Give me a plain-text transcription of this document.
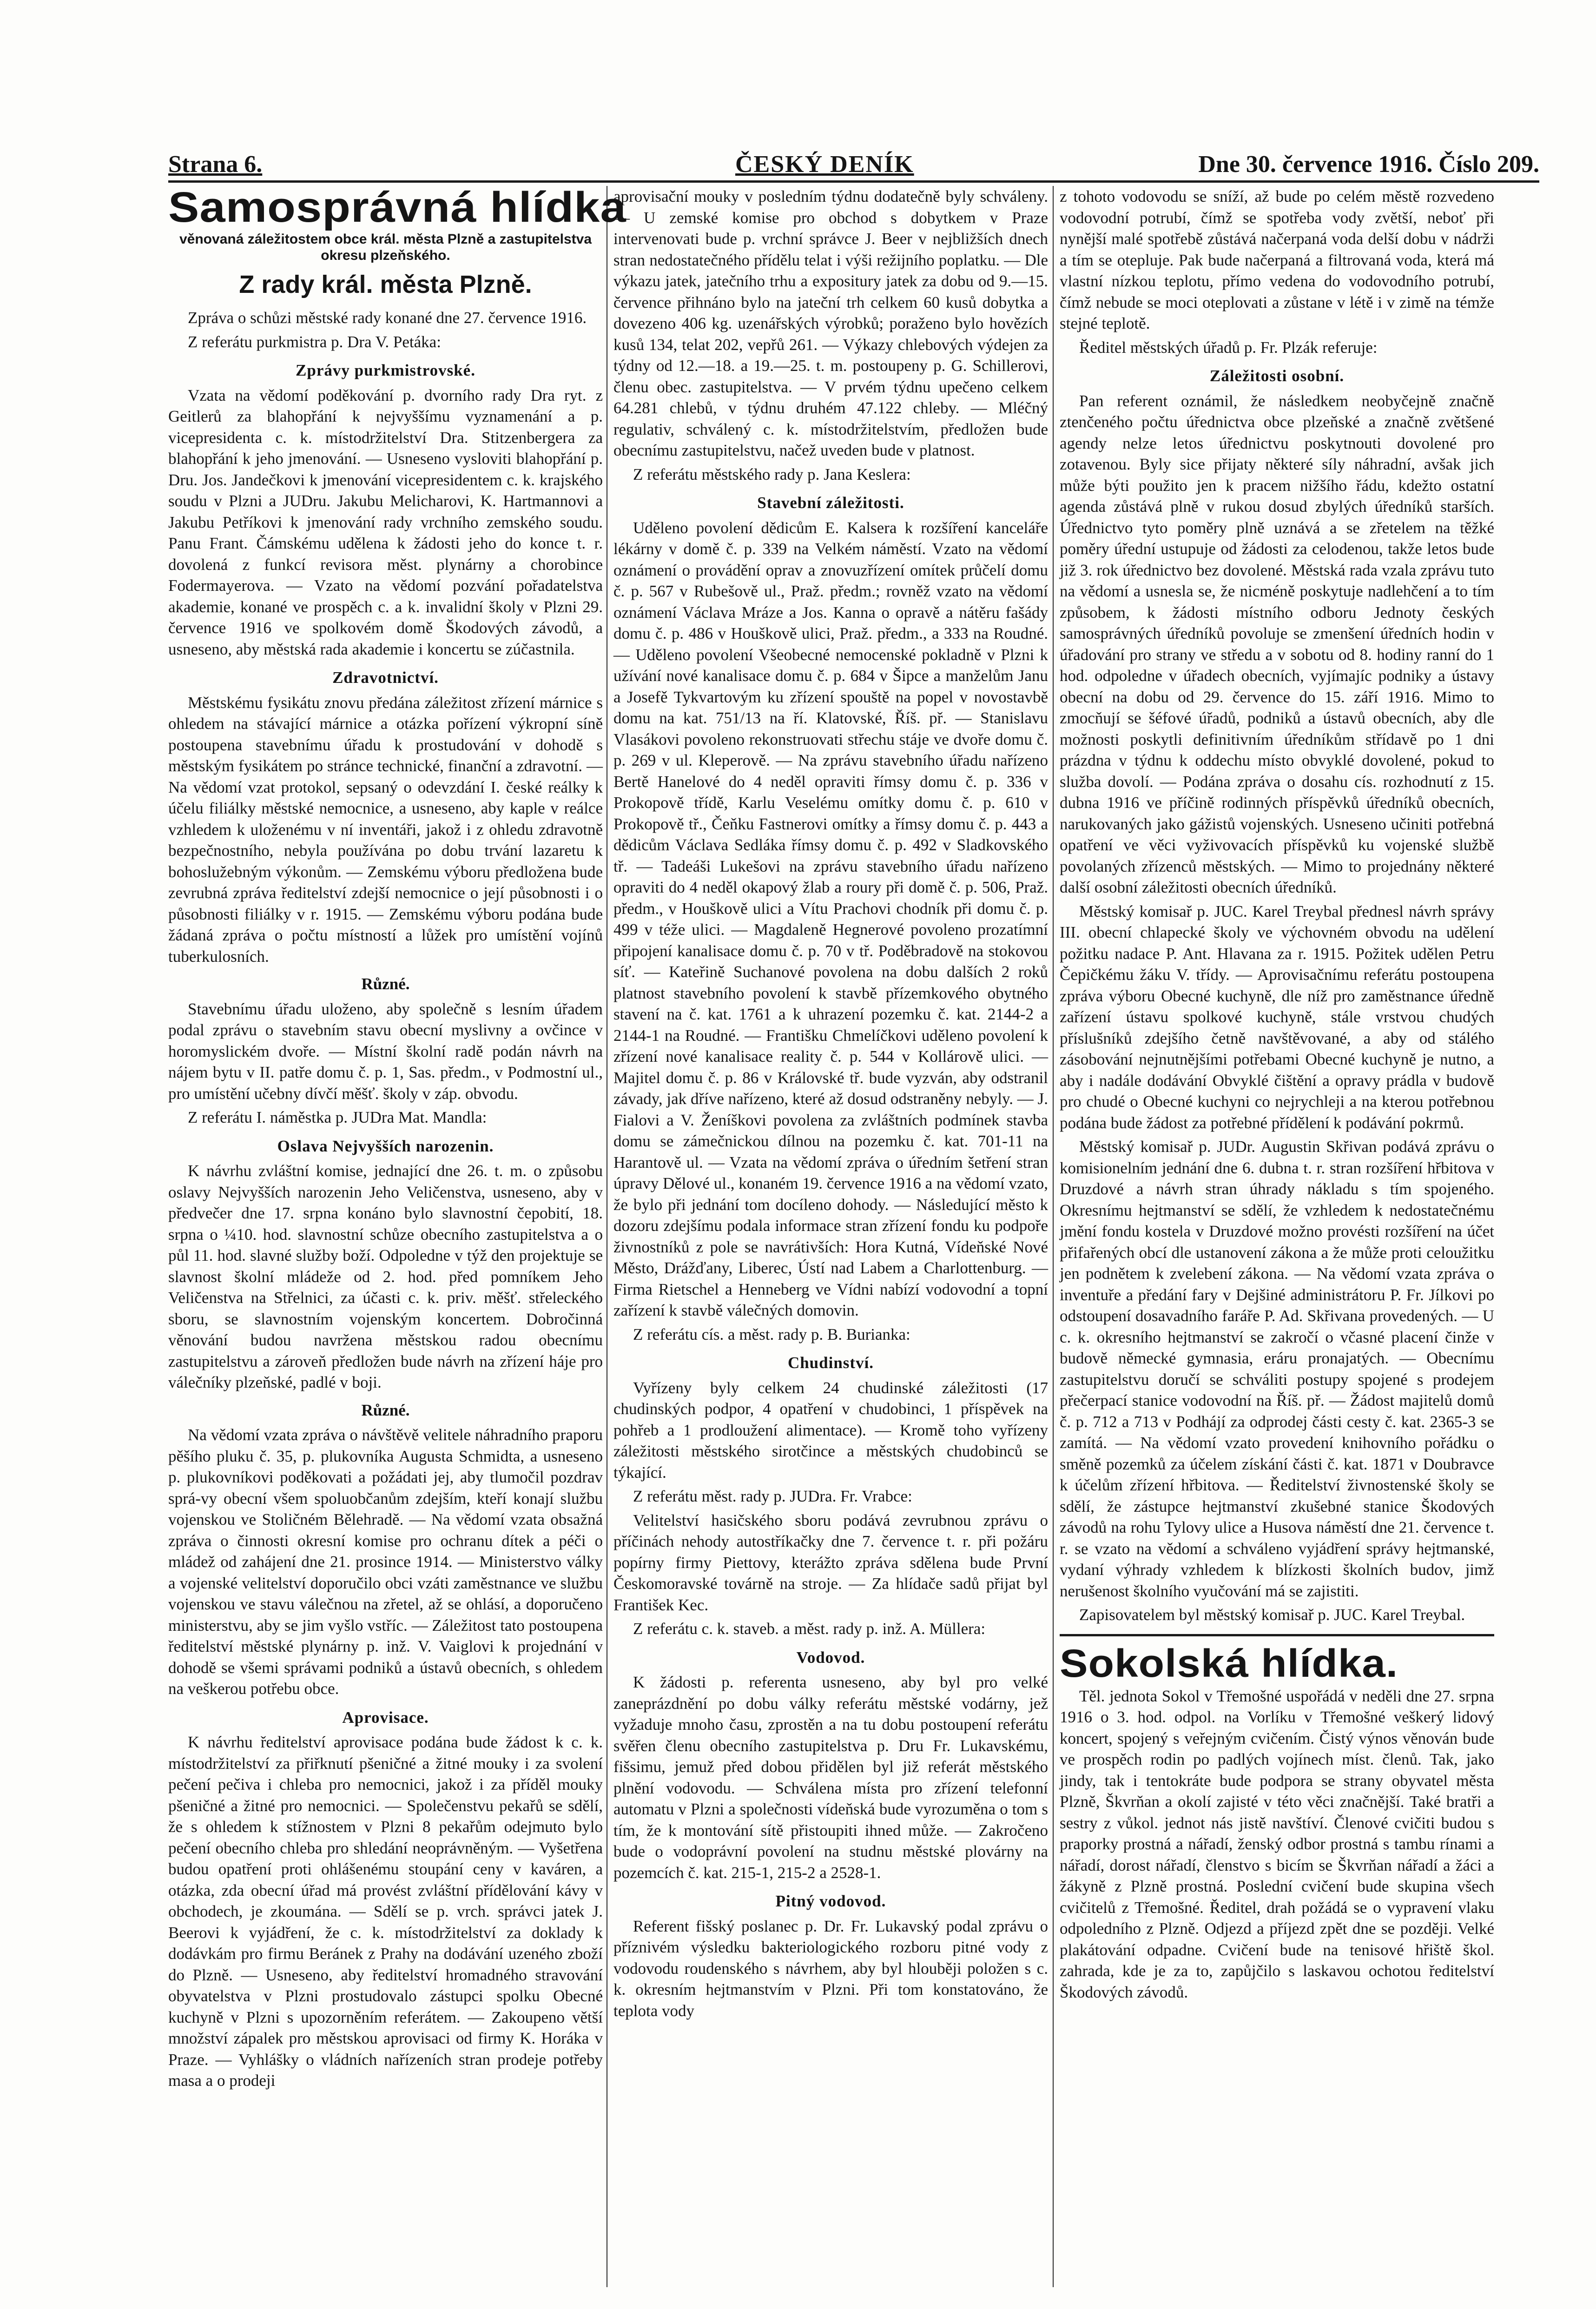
Strana 6.	ČESKÝ DENÍK	Dne 30. července 1916. Číslo 209.
Samosprávná hlídka
věnovaná záležitostem obce král. města Plzně a zastupitelstva okresu plzeňského.
Z rady král. města Plzně.

Zpráva o schůzi městské rady konané dne 27. července 1916.

Z referátu purkmistra p. Dra V. Petáka:

Zprávy purkmistrovské.

Vzata na vědomí poděkování p. dvorního rady Dra ryt. z Geitlerů za blahopřání k nejvyššímu vyznamenání a p. vicepresidenta c. k. místodržitelství Dra. Stitzenbergera za blahopřání k jeho jmenování. — Usneseno vysloviti blahopřání p. Dru. Jos. Jandečkovi k jmenování vicepresidentem c. k. krajského soudu v Plzni a JUDru. Jakubu Melicharovi, K. Hartmannovi a Jakubu Petříkovi k jmenování rady vrchního zemského soudu. Panu Frant. Čámskému udělena k žádosti jeho do konce t. r. dovolená z funkcí revisora měst. plynárny a chorobince Fodermayerova. — Vzato na vědomí pozvání pořadatelstva akademie, konané ve prospěch c. a k. invalidní školy v Plzni 29. července 1916 ve spolkovém domě Škodových závodů, a usneseno, aby městská rada akademie i koncertu se zúčastnila.

Zdravotnictví.

Městskému fysikátu znovu předána záležitost zřízení márnice s ohledem na stávající márnice a otázka pořízení výkropní síně postoupena stavebnímu úřadu k prostudování v dohodě s městským fysikátem po stránce technické, finanční a zdravotní. — Na vědomí vzat protokol, sepsaný o odevzdání I. české reálky k účelu filiálky městské nemocnice, a usneseno, aby kaple v reálce vzhledem k uloženému v ní inventáři, jakož i z ohledu zdravotně bezpečnostního, nebyla používána po dobu trvání lazaretu k bohoslužebným výkonům. — Zemskému výboru předložena bude zevrubná zpráva ředitelství zdejší nemocnice o její působnosti i o působnosti filiálky v r. 1915. — Zemskému výboru podána bude žádaná zpráva o počtu místností a lůžek pro umístění vojínů tuberkulosních.

Různé.

Stavebnímu úřadu uloženo, aby společně s lesním úřadem podal zprávu o stavebním stavu obecní myslivny a ovčince v horomyslickém dvoře. — Místní školní radě podán návrh na nájem bytu v II. patře domu č. p. 1, Sas. předm., v Podmostní ul., pro umístění učebny dívčí měšť. školy v záp. obvodu.

Z referátu I. náměstka p. JUDra Mat. Mandla:

Oslava Nejvyšších narozenin.

K návrhu zvláštní komise, jednající dne 26. t. m. o způsobu oslavy Nejvyšších narozenin Jeho Veličenstva, usneseno, aby v předvečer dne 17. srpna konáno bylo slavnostní čepobití, 18. srpna o ¼10. hod. slavnostní schůze obecního zastupitelstva a o půl 11. hod. slavné služby boží. Odpoledne v týž den projektuje se slavnost školní mládeže od 2. hod. před pomníkem Jeho Veličenstva na Střelnici, za účasti c. k. priv. měšť. střeleckého sboru, se slavnostním vojenským koncertem. Dobročinná věnování budou navržena městskou radou obecnímu zastupitelstvu a zároveň předložen bude návrh na zřízení háje pro válečníky plzeňské, padlé v boji.

Různé.

Na vědomí vzata zpráva o návštěvě velitele náhradního praporu pěšího pluku č. 35, p. plukovníka Augusta Schmidta, a usneseno p. plukovníkovi poděkovati a požádati jej, aby tlumočil pozdrav sprá-vy obecní všem spoluobčanům zdejším, kteří konají službu vojenskou ve Stoličném Bělehradě. — Na vědomí vzata obsažná zpráva o činnosti okresní komise pro ochranu dítek a péči o mládež od zahájení dne 21. prosince 1914. — Ministerstvo války a vojenské velitelství doporučilo obci vzáti zaměstnance ve službu vojenskou ve stavu válečnou na zřetel, až se ohlásí, a doporučeno ministerstvu, aby se jim vyšlo vstříc. — Záležitost tato postoupena ředitelství městské plynárny p. inž. V. Vaiglovi k projednání v dohodě se všemi správami podniků a ústavů obecních, s ohledem na veškerou potřebu obce.

Aprovisace.

K návrhu ředitelství aprovisace podána bude žádost k c. k. místodržitelství za přiřknutí pšeničné a žitné mouky i za svolení pečení pečiva i chleba pro nemocnici, jakož i za příděl mouky pšeničné a žitné pro nemocnici. — Společenstvu pekařů se sdělí, že s ohledem k stížnostem v Plzni 8 pekařům odejmuto bylo pečení obecního chleba pro shledání neoprávněným. — Vyšetřena budou opatření proti ohlášenému stoupání ceny v kaváren, a otázka, zda obecní úřad má provést zvláštní přídělování kávy v obchodech, je zkoumána. — Sdělí se p. vrch. správci jatek J. Beerovi k vyjádření, že c. k. místodržitelství za doklady k dodávkám pro firmu Beránek z Prahy na dodávání uzeného zboží do Plzně. — Usneseno, aby ředitelství hromadného stravování obyvatelstva v Plzni prostudovalo zástupci spolku Obecné kuchyně v Plzni s upozorněním referátem. — Zakoupeno větší množství zápalek pro městskou aprovisaci od firmy K. Horáka v Praze. — Vyhlášky o vládních nařízeních stran prodeje potřeby masa a o prodeji

aprovisační mouky v posledním týdnu dodatečně byly schváleny. — U zemské komise pro obchod s dobytkem v Praze intervenovati bude p. vrchní správce J. Beer v nejbližších dnech stran nedostatečného přídělu telat i výši režijního poplatku. — Dle výkazu jatek, jatečního trhu a expositury jatek za dobu od 9.—15. července přihnáno bylo na jateční trh celkem 60 kusů dobytka a dovezeno 406 kg. uzenářských výrobků; poraženo bylo hovězích kusů 134, telat 202, vepřů 261. — Výkazy chlebových výdejen za týdny od 12.—18. a 19.—25. t. m. postoupeny p. G. Schillerovi, členu obec. zastupitelstva. — V prvém týdnu upečeno celkem 64.281 chlebů, v týdnu druhém 47.122 chleby. — Mléčný regulativ, schválený c. k. místodržitelstvím, předložen bude obecnímu zastupitelstvu, načež uveden bude v platnost.

Z referátu městského rady p. Jana Keslera:

Stavební záležitosti.

Uděleno povolení dědicům E. Kalsera k rozšíření kanceláře lékárny v domě č. p. 339 na Velkém náměstí. Vzato na vědomí oznámení o provádění oprav a znovuzřízení omítek průčelí domu č. p. 567 v Rubešově ul., Praž. předm.; rovněž vzato na vědomí oznámení Václava Mráze a Jos. Kanna o opravě a nátěru fašády domu č. p. 486 v Houškově ulici, Praž. předm., a 333 na Roudné. — Uděleno povolení Všeobecné nemocenské pokladně v Plzni k užívání nové kanalisace domu č. p. 684 v Šipce a manželům Janu a Josefě Tykvartovým ku zřízení spouště na popel v novostavbě domu na kat. 751/13 na ří. Klatovské, Říš. př. — Stanislavu Vlasákovi povoleno rekonstruovati střechu stáje ve dvoře domu č. p. 269 v ul. Kleperově. — Na zprávu stavebního úřadu nařízeno Bertě Hanelové do 4 neděl opraviti římsy domu č. p. 336 v Prokopově třídě, Karlu Veselému omítky domu č. p. 610 v Prokopově tř., Čeňku Fastnerovi omítky a římsy domu č. p. 443 a dědicům Václava Sedláka římsy domu č. p. 492 v Sladkovského tř. — Tadeáši Lukešovi na zprávu stavebního úřadu nařízeno opraviti do 4 neděl okapový žlab a roury při domě č. p. 506, Praž. předm., v Houškově ulici a Vítu Prachovi chodník při domu č. p. 499 v téže ulici. — Magdaleně Hegnerové povoleno prozatímní připojení kanalisace domu č. p. 70 v tř. Poděbradově na stokovou síť. — Kateřině Suchanové povolena na dobu dalších 2 roků platnost stavebního povolení k stavbě přízemkového obytného stavení na č. kat. 1761 a k uhrazení pozemku č. kat. 2144-2 a 2144-1 na Roudné. — Františku Chmelíčkovi uděleno povolení k zřízení nové kanalisace reality č. p. 544 v Kollárově ulici. — Majitel domu č. p. 86 v Královské tř. bude vyzván, aby odstranil závady, jak dříve nařízeno, které až dosud odstraněny nebyly. — J. Fialovi a V. Ženíškovi povolena za zvláštních podmínek stavba domu se zámečnickou dílnou na pozemku č. kat. 701-11 na Harantově ul. — Vzata na vědomí zpráva o úředním šetření stran úpravy Dělové ul., konaném 19. července 1916 a na vědomí vzato, že bylo při jednání tom docíleno dohody. — Následující město k dozoru zdejšímu podala informace stran zřízení fondu ku podpoře živnostníků z pole se navrátivších: Hora Kutná, Vídeňské Nové Město, Drážďany, Liberec, Ústí nad Labem a Charlottenburg. — Firma Rietschel a Henneberg ve Vídni nabízí vodovodní a topní zařízení k stavbě válečných domovin.

Z referátu cís. a měst. rady p. B. Burianka:

Chudinství.

Vyřízeny byly celkem 24 chudinské záležitosti (17 chudinských podpor, 4 opatření v chudobinci, 1 příspěvek na pohřeb a 1 prodloužení alimentace). — Kromě toho vyřízeny záležitosti městského sirotčince a městských chudobinců se týkající.

Z referátu měst. rady p. JUDra. Fr. Vrabce:

Velitelství hasičského sboru podává zevrubnou zprávu o příčinách nehody autostříkačky dne 7. července t. r. při požáru popírny firmy Piettovy, kterážto zpráva sdělena bude První Českomoravské továrně na stroje. — Za hlídače sadů přijat byl František Kec.

Z referátu c. k. staveb. a měst. rady p. inž. A. Müllera:

Vodovod.

K žádosti p. referenta usneseno, aby byl pro velké zaneprázdnění po dobu války referátu městské vodárny, jež vyžaduje mnoho času, zprostěn a na tu dobu postoupení referátu svěřen členu obecního zastupitelstva p. Dru Fr. Lukavskému, fišsimu, jemuž před dobou přidělen byl již referát městského plnění vodovodu. — Schválena místa pro zřízení telefonní automatu v Plzni a společnosti vídeňská bude vyrozuměna o tom s tím, že k montování sítě přistoupiti ihned může. — Zakročeno bude o vodoprávní povolení na studnu městské plovárny na pozemcích č. kat. 215-1, 215-2 a 2528-1.

Pitný vodovod.

Referent fišský poslanec p. Dr. Fr. Lukavský podal zprávu o příznivém výsledku bakteriologického rozboru pitné vody z vodovodu roudenského s návrhem, aby byl hlouběji položen s c. k. okresním hejtmanstvím v Plzni. Při tom konstatováno, že teplota vody

z tohoto vodovodu se sníží, až bude po celém městě rozvedeno vodovodní potrubí, čímž se spotřeba vody zvětší, neboť při nynější malé spotřebě zůstává načerpaná voda delší dobu v nádrži a tím se otepluje. Pak bude načerpaná a filtrovaná voda, která má vlastní nízkou teplotu, přímo vedena do vodovodního potrubí, čímž nebude se moci oteplovati a zůstane v létě i v zimě na témže stejné teplotě.

Ředitel městských úřadů p. Fr. Plzák referuje:

Záležitosti osobní.

Pan referent oznámil, že následkem neobyčejně značně ztenčeného počtu úřednictva obce plzeňské a značně zvětšené agendy nelze letos úřednictvu poskytnouti dovolené pro zotavenou. Byly sice přijaty některé síly náhradní, avšak jich může býti použito jen k pracem nižšího řádu, kdežto ostatní agenda zůstává plně v rukou dosud zbylých úředníků starších. Úřednictvo tyto poměry plně uznává a se zřetelem na těžké poměry úřední ustupuje od žádosti za celodenou, takže letos bude již 3. rok úřednictvo bez dovolené. Městská rada vzala zprávu tuto na vědomí a usnesla se, že nicméně poskytuje nadlehčení a to tím způsobem, k žádosti místního odboru Jednoty českých samosprávných úředníků povoluje se zmenšení úředních hodin v úřadování pro strany ve středu a v sobotu od 8. hodiny ranní do 1 hod. odpoledne v úřadech obecních, vyjímajíc podniky a ústavy obecní na dobu od 29. července do 15. září 1916. Mimo to zmocňují se šéfové úřadů, podniků a ústavů obecních, aby dle možnosti poskytli definitivním úředníkům střídavě po 1 dni prázdna v týdnu k oddechu místo obvyklé dovolené, pokud to služba dovolí. — Podána zpráva o dosahu cís. rozhodnutí z 15. dubna 1916 ve příčině rodinných příspěvků úředníků obecních, narukovaných jako gážistů vojenských. Usneseno učiniti potřebná opatření ve věci vyživovacích příspěvků ku vojenské službě povolaných zřízenců městských. — Mimo to projednány některé další osobní záležitosti obecních úředníků.

Městský komisař p. JUC. Karel Treybal přednesl návrh správy III. obecní chlapecké školy ve výchovném obvodu na udělení požitku nadace P. Ant. Hlavana za r. 1915. Požitek udělen Petru Čepičkému žáku V. třídy. — Aprovisačnímu referátu postoupena zpráva výboru Obecné kuchyně, dle níž pro zaměstnance úředně zařízení ústavu spolkové kuchyně, stále vrstvou chudých příslušníků zdejšího četně navštěvované, a aby od stálého zásobování nejnutnějšími potřebami Obecné kuchyně je nutno, a aby i nadále dodávání Obvyklé čištění a opravy prádla v budově pro chudé o Obecné kuchyni co nejrychleji a na kterou potřebnou podána bude žádost za potřebné přídělení k podávání pokrmů.

Městský komisař p. JUDr. Augustin Skřivan podává zprávu o komisionelním jednání dne 6. dubna t. r. stran rozšíření hřbitova v Druzdové a návrh stran úhrady nákladu s tím spojeného. Okresnímu hejtmanství se sdělí, že vzhledem k nedostatečnému jmění fondu kostela v Druzdové možno provésti rozšíření na účet přifařených obcí dle ustanovení zákona a že může proti celoužitku jen podnětem k zvelebení zákona. — Na vědomí vzata zpráva o inventuře a předání fary v Dejšiné administrátoru P. Fr. Jílkovi po odstoupení dosavadního faráře P. Ad. Skřivana provedených. — U c. k. okresního hejtmanství se zakročí o včasné placení činže v budově německé gymnasia, eráru pronajatých. — Obecnímu zastupitelstvu doručí se schváliti postupy spojené s prodejem přečerpací stanice vodovodní na Říš. př. — Žádost majitelů domů č. p. 712 a 713 v Podhájí za odprodej části cesty č. kat. 2365-3 se zamítá. — Na vědomí vzato provedení knihovního pořádku o směně pozemků za účelem získání části č. kat. 1871 v Doubravce k účelům zřízení hřbitova. — Ředitelství živnostenské školy se sdělí, že zástupce hejtmanství zkušebné stanice Škodových závodů na rohu Tylovy ulice a Husova náměstí dne 21. července t. r. se vzato na vědomí a schváleno vyjádření správy hejtmanské, vydaní výhrady vzhledem k blízkosti školních budov, jimž nerušenost školního vyučování má se zajistiti.

Zapisovatelem byl městský komisař p. JUC. Karel Treybal.

Sokolská hlídka.

Těl. jednota Sokol v Třemošné uspořádá v neděli dne 27. srpna 1916 o 3. hod. odpol. na Vorlíku v Třemošné veškerý lidový koncert, spojený s veřejným cvičením. Čistý výnos věnován bude ve prospěch rodin po padlých vojínech míst. členů. Tak, jako jindy, tak i tentokráte bude podpora se strany obyvatel města Plzně, Škvrňan a okolí zajisté v této věci značnější. Také bratři a sestry z vůkol. jednot nás jistě navštíví. Členové cvičiti budou s praporky prostná a nářadí, ženský odbor prostná s tambu rínami a nářadí, dorost nářadí, členstvo s bicím se Škvrňan nářadí a žáci a žákyně z Plzně prostná. Poslední cvičení bude skupina všech cvičitelů z Třemošné. Ředitel, drah požádá se o vypravení vlaku odpoledního z Plzně. Odjezd a příjezd zpět dne se později. Velké plakátování odpadne. Cvičení bude na tenisové hřiště škol. zahrada, kde je za to, zapůjčilo s laskavou ochotou ředitelství Škodových závodů.
